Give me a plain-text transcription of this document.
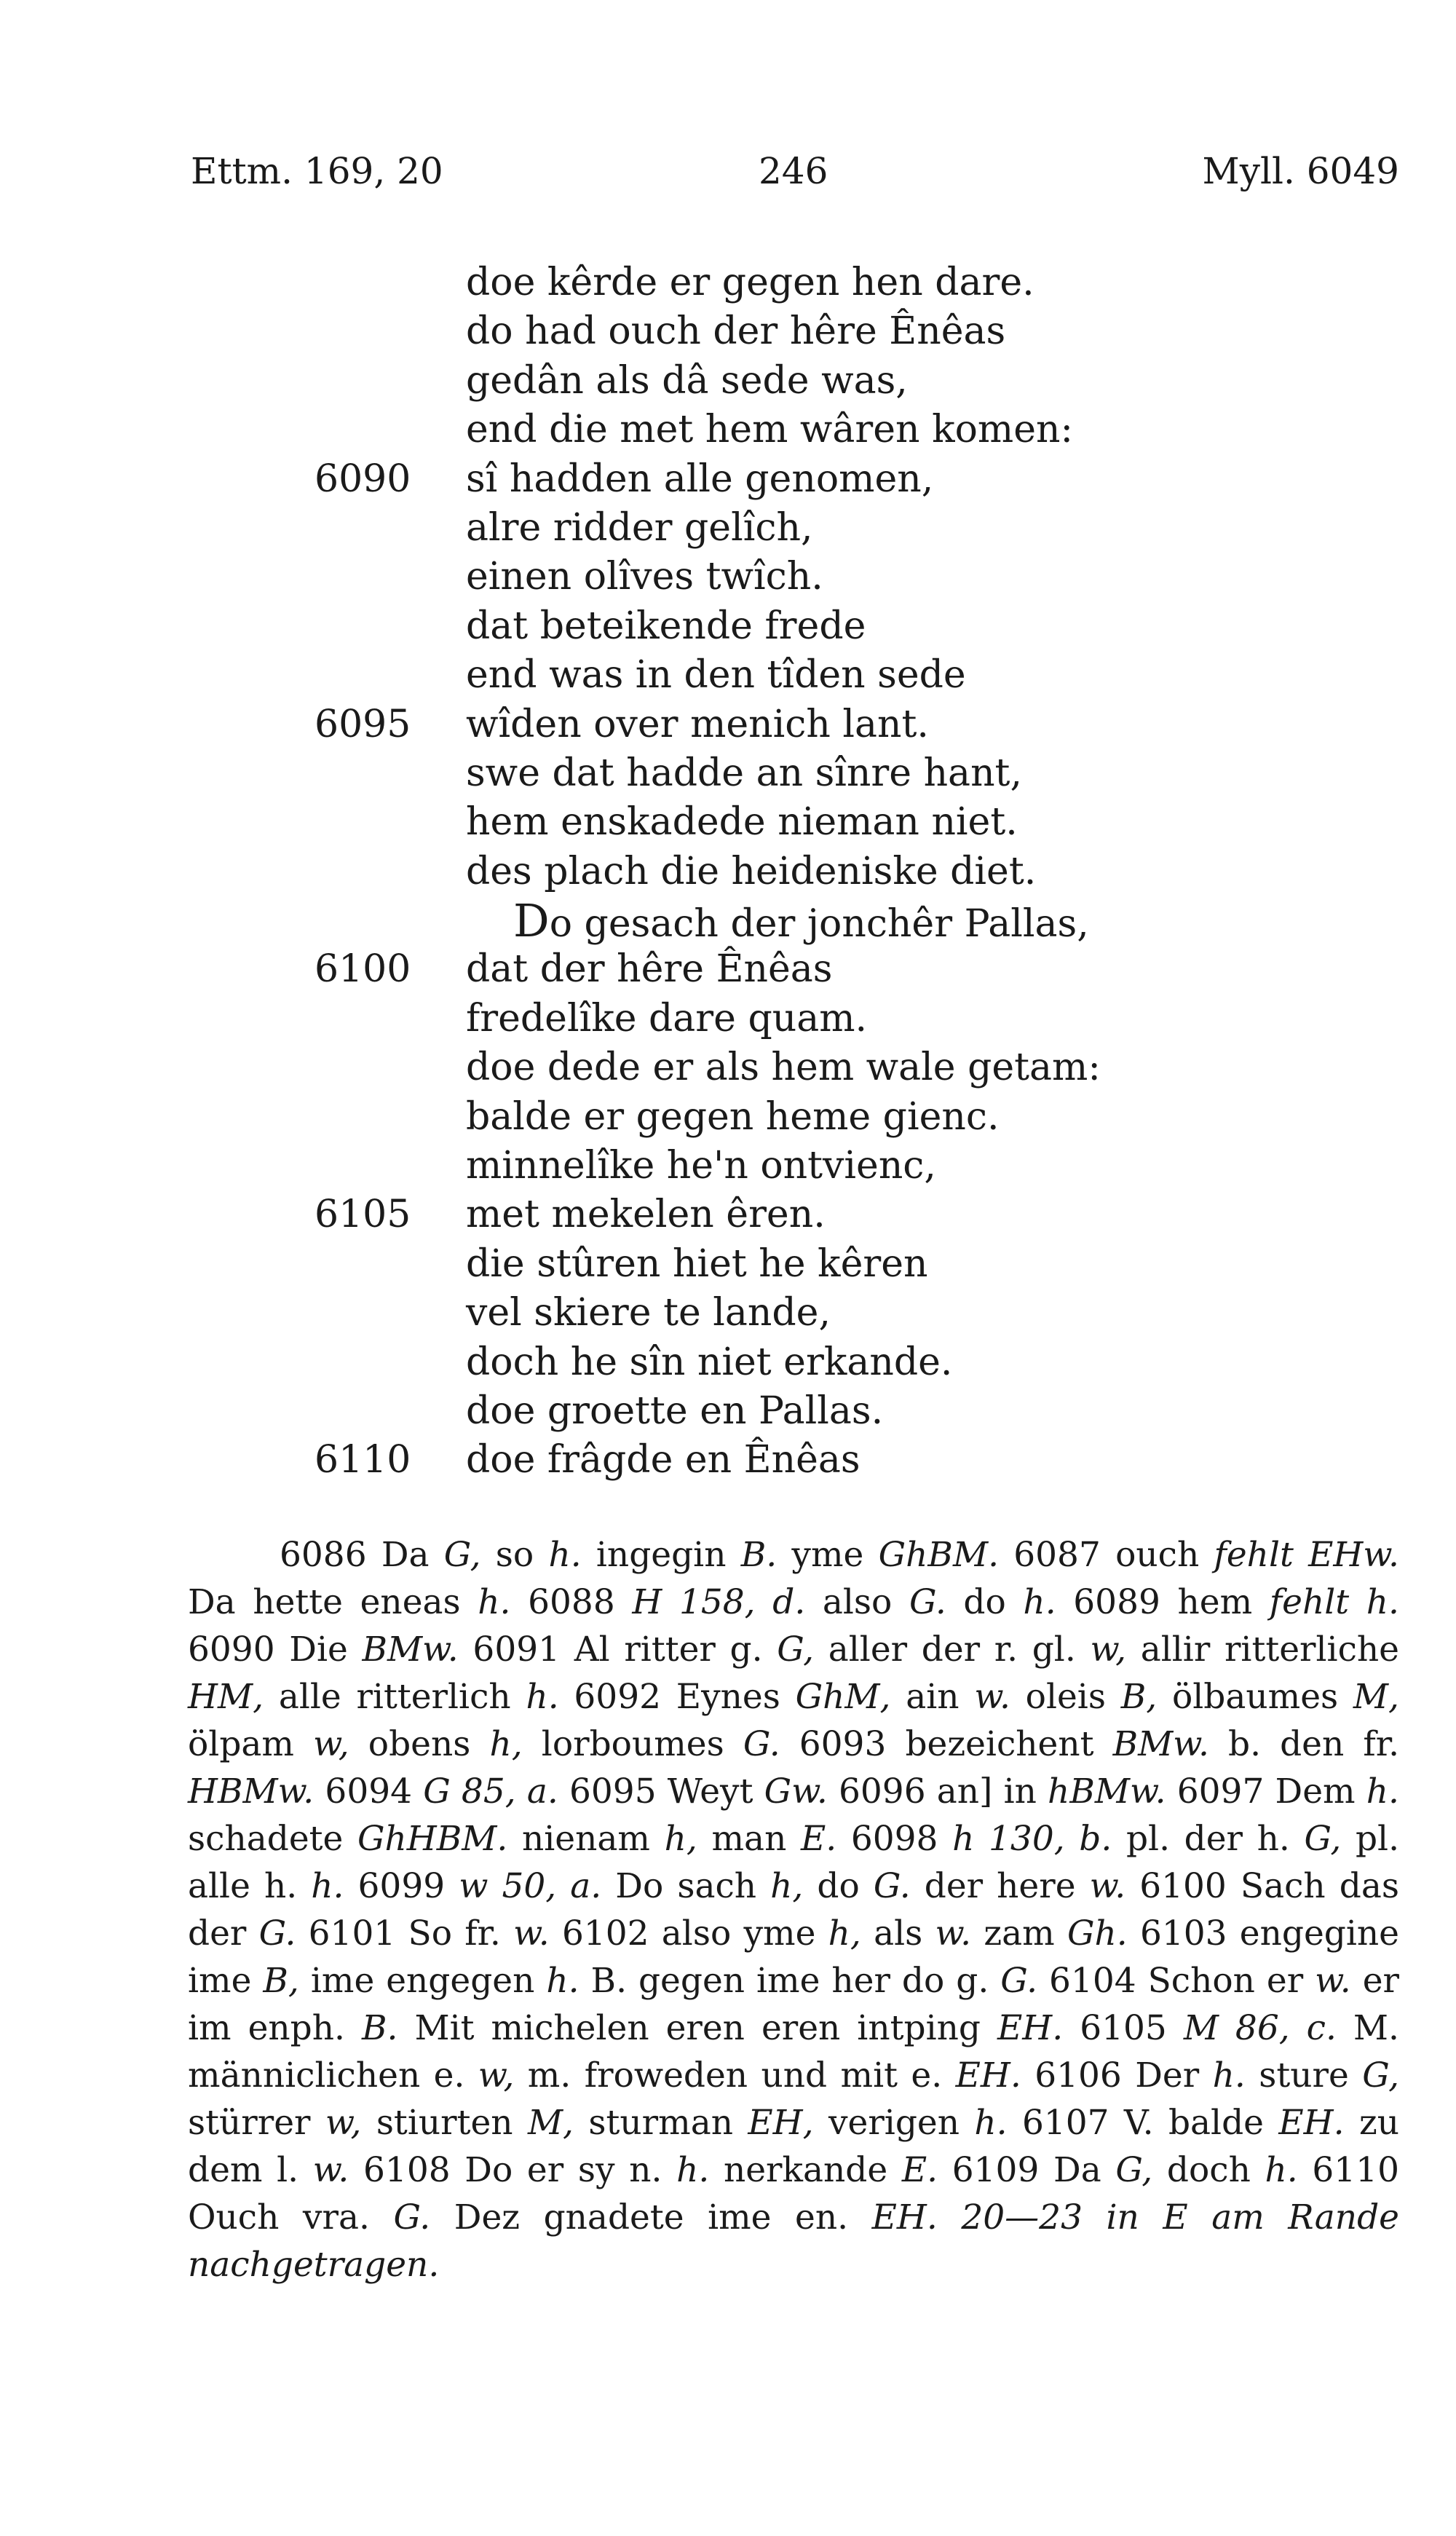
Ettm. 169, 20	246	Myll. 6049
doe kêrde er gegen hen dare.
do had ouch der hêre Ênêas
gedân als dâ sede was,
end die met hem wâren komen:
6090 sî hadden alle genomen,
alre ridder gelîch,
einen olîves twîch.
dat beteikende frede
end was in den tîden sede
6095 wîden over menich lant.
swe dat hadde an sînre hant,
hem enskadede nieman niet.
des plach die heideniske diet.
Do gesach der jonchêr Pallas,
6100 dat der hêre Ênêas
fredelîke dare quam.
doe dede er als hem wale getam:
balde er gegen heme gienc.
minnelîke he'n ontvienc,
6105 met mekelen êren.
die stûren hiet he kêren
vel skiere te lande,
doch he sîn niet erkande.
doe groette en Pallas.
6110 doe frâgde en Ênêas
6086 Da G, so h. ingegin B. yme GhBM. 6087 ouch fehlt EHw. Da hette eneas h. 6088 H 158, d. also G. do h. 6089 hem fehlt h. 6090 Die BMw. 6091 Al ritter g. G, aller der r. gl. w, allir ritterliche HM, alle ritterlich h. 6092 Eynes GhM, ain w. oleis B, ölbaumes M, ölpam w, obens h, lorboumes G. 6093 bezeichent BMw. b. den fr. HBMw. 6094 G 85, a. 6095 Weyt Gw. 6096 an] in hBMw. 6097 Dem h. schadete GhHBM. nienam h, man E. 6098 h 130, b. pl. der h. G, pl. alle h. h. 6099 w 50, a. Do sach h, do G. der here w. 6100 Sach das der G. 6101 So fr. w. 6102 also yme h, als w. zam Gh. 6103 engegine ime B, ime engegen h. B. gegen ime her do g. G. 6104 Schon er w. er im enph. B. Mit michelen eren eren intping EH. 6105 M 86, c. M. männiclichen e. w, m. froweden und mit e. EH. 6106 Der h. sture G, stürrer w, stiurten M, sturman EH, verigen h. 6107 V. balde EH. zu dem l. w. 6108 Do er sy n. h. nerkande E. 6109 Da G, doch h. 6110 Ouch vra. G. Dez gnadete ime en. EH. 20—23 in E am Rande nachgetragen.
